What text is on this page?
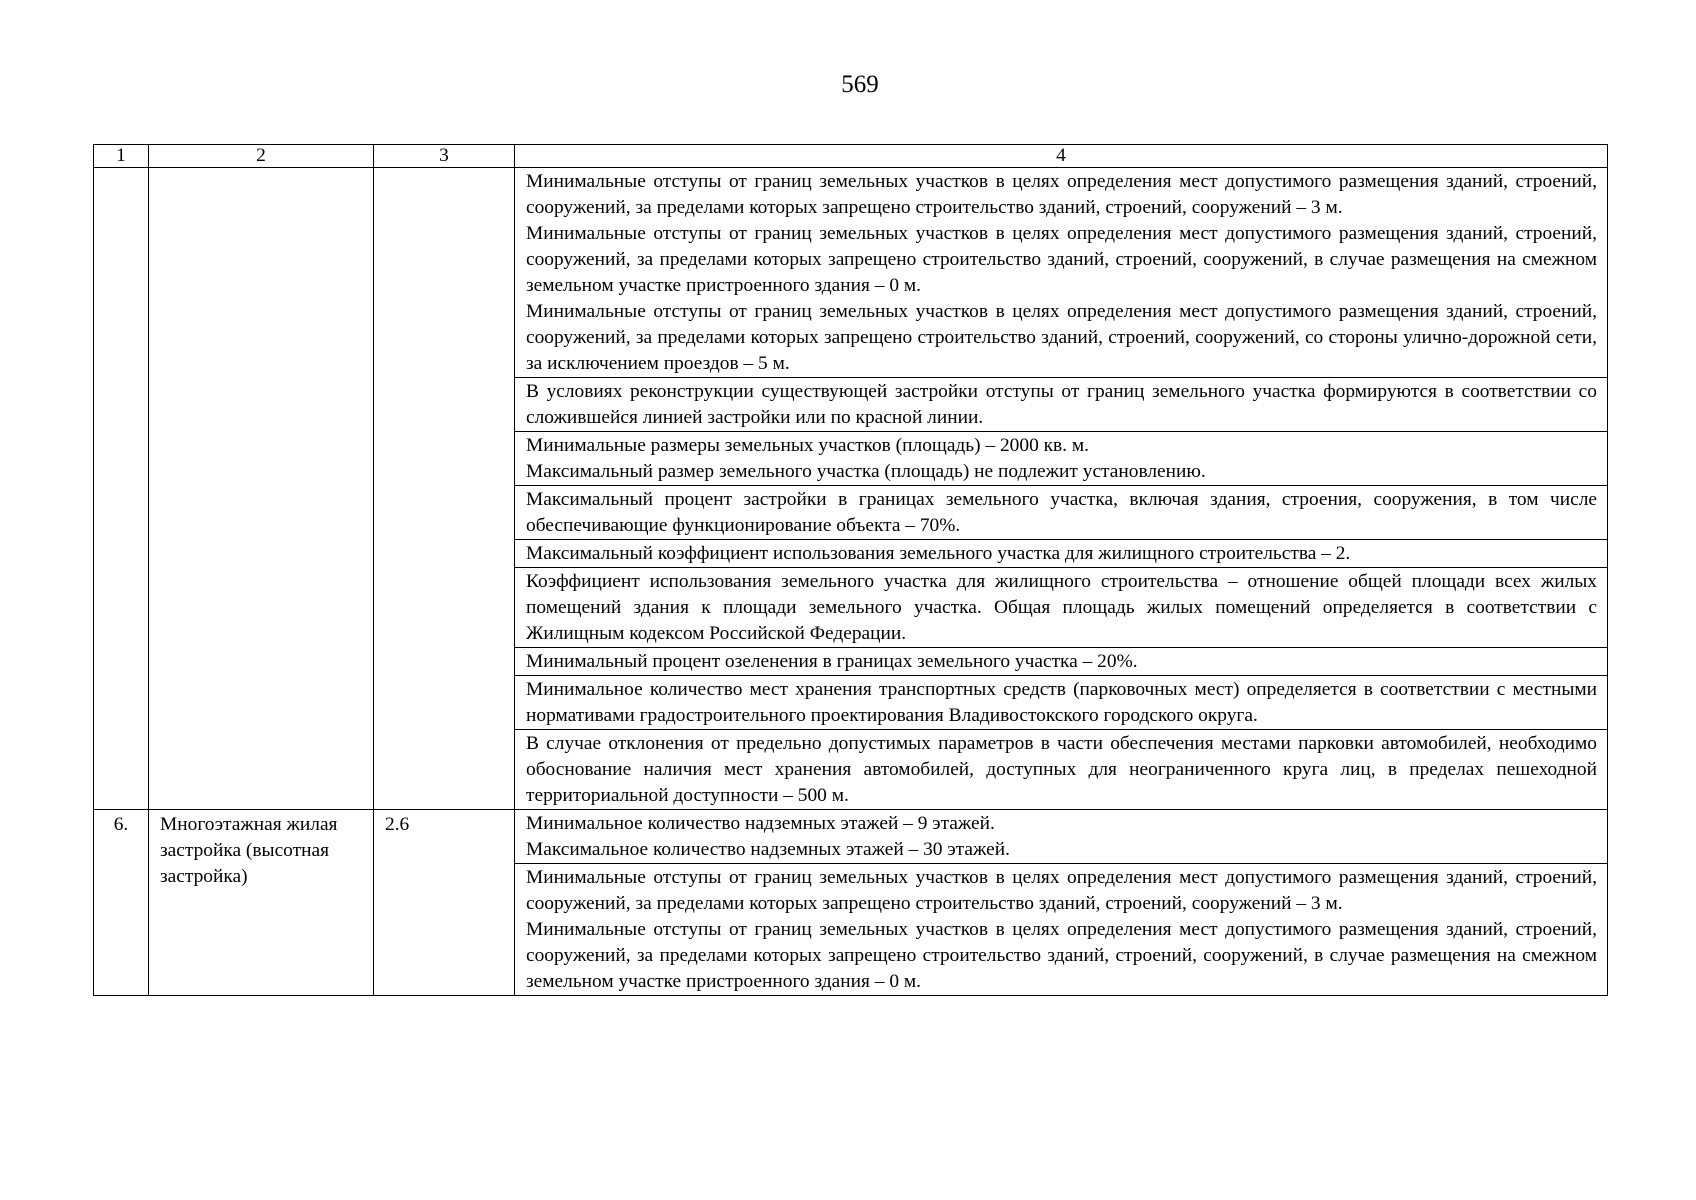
569
1	2	3	4

			Минимальные отступы от границ земельных участков в целях определения мест допустимого размещения зданий, строений, сооружений, за пределами которых запрещено строительство зданий, строений, сооружений – 3 м.
Минимальные отступы от границ земельных участков в целях определения мест допустимого размещения зданий, строений, сооружений, за пределами которых запрещено строительство зданий, строений, сооружений, в случае размещения на смежном земельном участке пристроенного здания – 0 м.
Минимальные отступы от границ земельных участков в целях определения мест допустимого размещения зданий, строений, сооружений, за пределами которых запрещено строительство зданий, строений, сооружений, со стороны улично-дорожной сети, за исключением проездов – 5 м.

			В условиях реконструкции существующей застройки отступы от границ земельного участка формируются в соответствии со сложившейся линией застройки или по красной линии.

			Минимальные размеры земельных участков (площадь) – 2000 кв. м.
Максимальный размер земельного участка (площадь) не подлежит установлению.

			Максимальный процент застройки в границах земельного участка, включая здания, строения, сооружения, в том числе обеспечивающие функционирование объекта – 70%.

			Максимальный коэффициент использования земельного участка для жилищного строительства – 2.

			Коэффициент использования земельного участка для жилищного строительства – отношение общей площади всех жилых помещений здания к площади земельного участка. Общая площадь жилых помещений определяется в соответствии с Жилищным кодексом Российской Федерации.

			Минимальный процент озеленения в границах земельного участка – 20%.

			Минимальное количество мест хранения транспортных средств (парковочных мест) определяется в соответствии с местными нормативами градостроительного проектирования Владивостокского городского округа.

			В случае отклонения от предельно допустимых параметров в части обеспечения местами парковки автомобилей, необходимо обоснование наличия мест хранения автомобилей, доступных для неограниченного круга лиц, в пределах пешеходной территориальной доступности – 500 м.

6.	Многоэтажная жилая застройка (высотная застройка)	2.6	Минимальное количество надземных этажей – 9 этажей.
Максимальное количество надземных этажей – 30 этажей.

			Минимальные отступы от границ земельных участков в целях определения мест допустимого размещения зданий, строений, сооружений, за пределами которых запрещено строительство зданий, строений, сооружений – 3 м.
Минимальные отступы от границ земельных участков в целях определения мест допустимого размещения зданий, строений, сооружений, за пределами которых запрещено строительство зданий, строений, сооружений, в случае размещения на смежном земельном участке пристроенного здания – 0 м.
